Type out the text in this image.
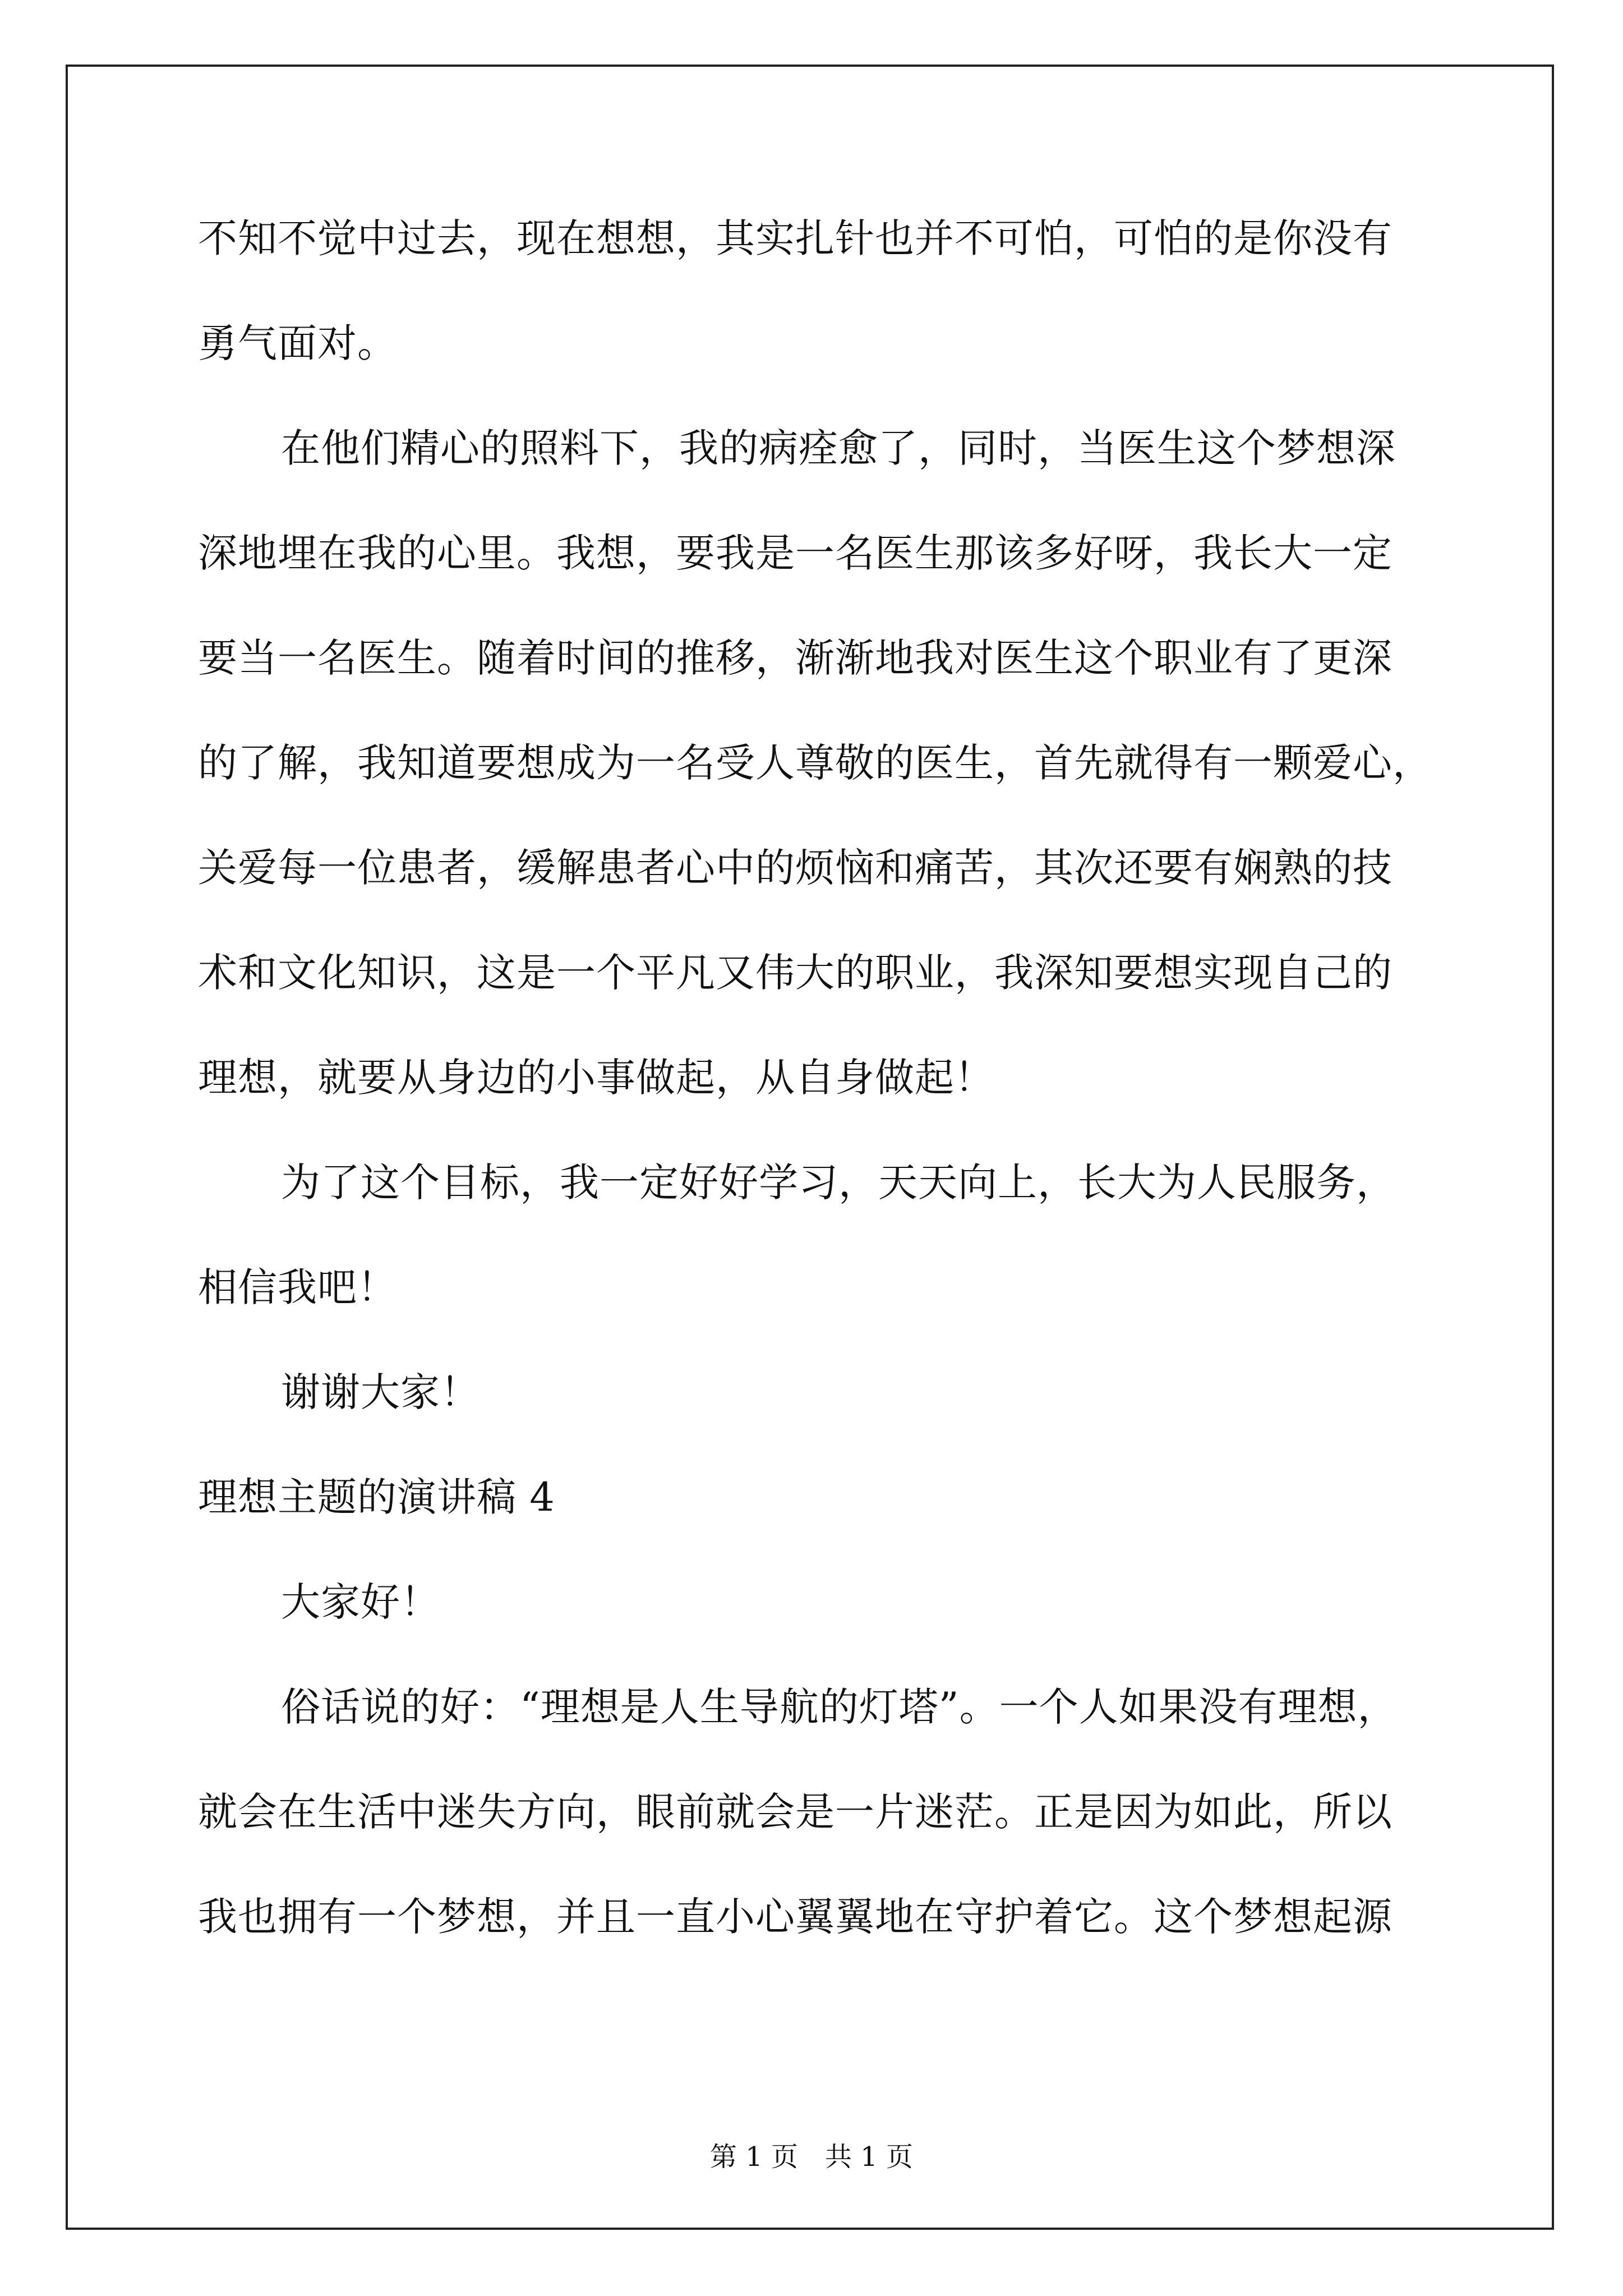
不知不觉中过去，现在想想，其实扎针也并不可怕，可怕的是你没有
勇气面对。
在他们精心的照料下，我的病痊愈了，同时，当医生这个梦想深
深地埋在我的心里。我想，要我是一名医生那该多好呀，我长大一定
要当一名医生。随着时间的推移，渐渐地我对医生这个职业有了更深
的了解，我知道要想成为一名受人尊敬的医生，首先就得有一颗爱心，
关爱每一位患者，缓解患者心中的烦恼和痛苦，其次还要有娴熟的技
术和文化知识，这是一个平凡又伟大的职业，我深知要想实现自己的
理想，就要从身边的小事做起，从自身做起！
为了这个目标，我一定好好学习，天天向上，长大为人民服务，
相信我吧！
谢谢大家！
理想主题的演讲稿 4
大家好！
俗话说的好：“理想是人生导航的灯塔”。一个人如果没有理想，
就会在生活中迷失方向，眼前就会是一片迷茫。正是因为如此，所以
我也拥有一个梦想，并且一直小心翼翼地在守护着它。这个梦想起源
第 1 页　共 1 页
